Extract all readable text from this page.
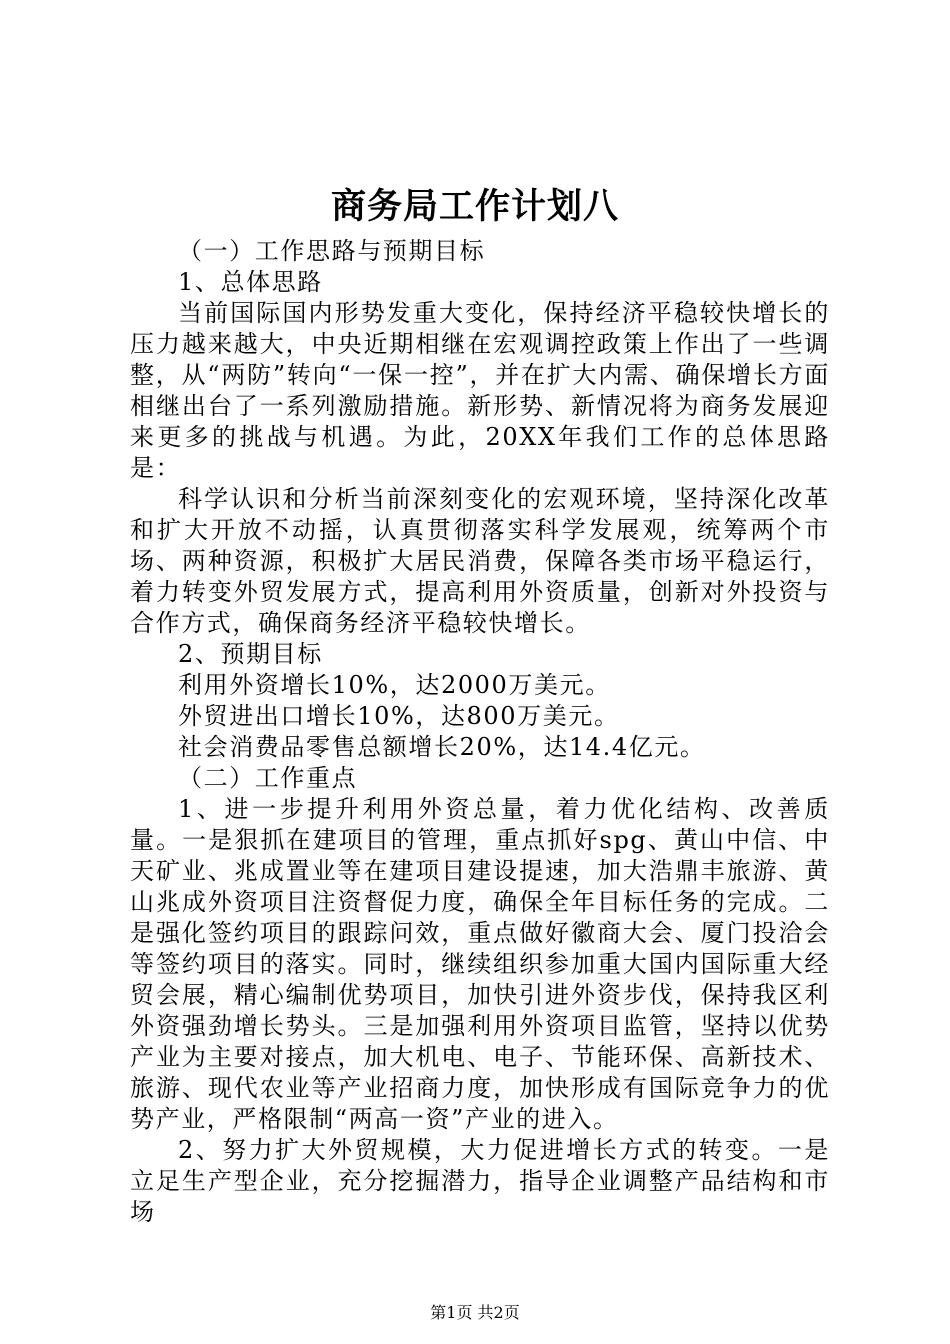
商务局工作计划八

（一）工作思路与预期目标

1、总体思路

当前国际国内形势发重大变化，保持经济平稳较快增长的压力越来越大，中央近期相继在宏观调控政策上作出了一些调整，从“两防”转向“一保一控”，并在扩大内需、确保增长方面相继出台了一系列激励措施。新形势、新情况将为商务发展迎来更多的挑战与机遇。为此，20XX年我们工作的总体思路是：

科学认识和分析当前深刻变化的宏观环境，坚持深化改革和扩大开放不动摇，认真贯彻落实科学发展观，统筹两个市场、两种资源，积极扩大居民消费，保障各类市场平稳运行，着力转变外贸发展方式，提高利用外资质量，创新对外投资与合作方式，确保商务经济平稳较快增长。

2、预期目标

利用外资增长10%，达2000万美元。

外贸进出口增长10%，达800万美元。

社会消费品零售总额增长20%，达14.4亿元。

（二）工作重点

1、进一步提升利用外资总量，着力优化结构、改善质量。一是狠抓在建项目的管理，重点抓好spg、黄山中信、中天矿业、兆成置业等在建项目建设提速，加大浩鼎丰旅游、黄山兆成外资项目注资督促力度，确保全年目标任务的完成。二是强化签约项目的跟踪问效，重点做好徽商大会、厦门投洽会等签约项目的落实。同时，继续组织参加重大国内国际重大经贸会展，精心编制优势项目，加快引进外资步伐，保持我区利外资强劲增长势头。三是加强利用外资项目监管，坚持以优势产业为主要对接点，加大机电、电子、节能环保、高新技术、旅游、现代农业等产业招商力度，加快形成有国际竞争力的优势产业，严格限制“两高一资”产业的进入。

2、努力扩大外贸规模，大力促进增长方式的转变。一是立足生产型企业，充分挖掘潜力，指导企业调整产品结构和市场

第1页 共2页
